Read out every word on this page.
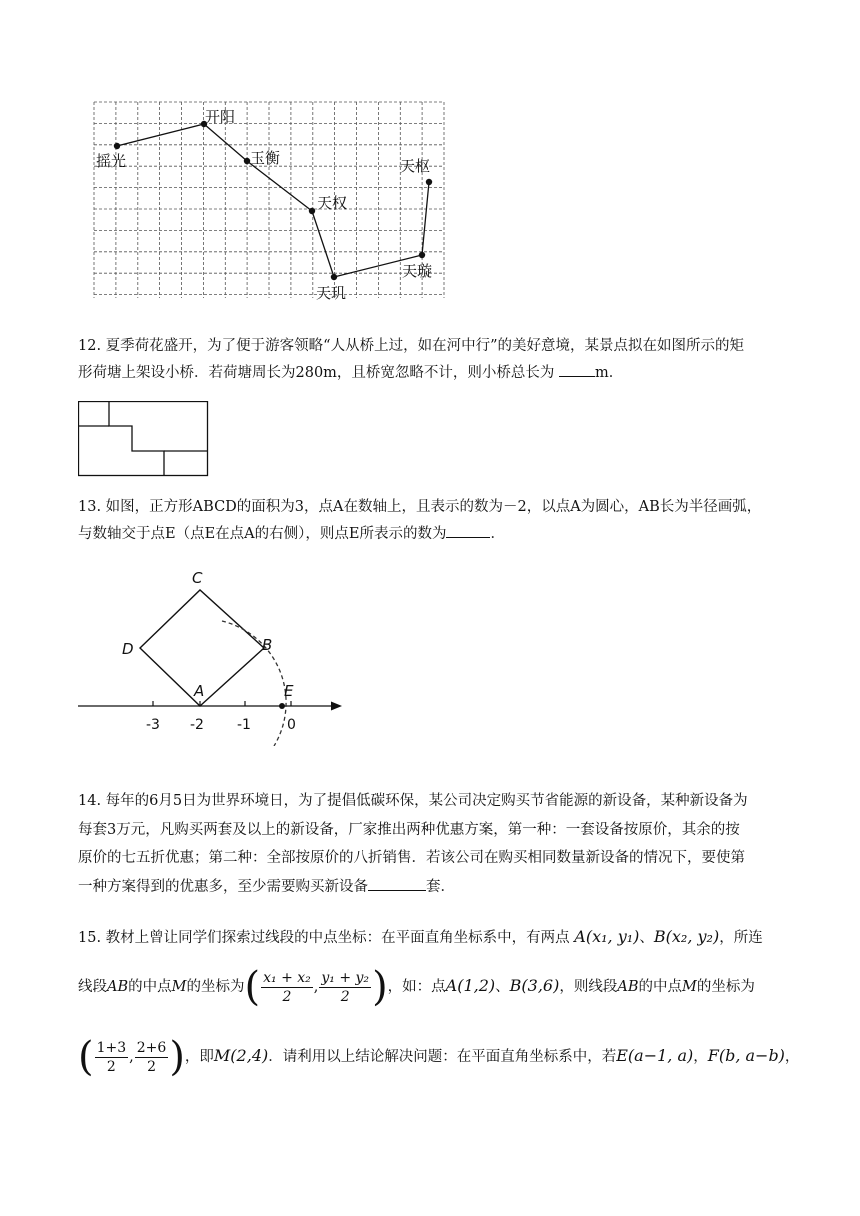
开阳
摇光	玉衡	天枢
天权
天璇
天玑
12. 夏季荷花盛开，为了便于游客领略“人从桥上过，如在河中行”的美好意境，某景点拟在如图所示的矩
形荷塘上架设小桥．若荷塘周长为280m，且桥宽忽略不计，则小桥总长为	m．
13. 如图，正方形ABCD的面积为3，点A在数轴上，且表示的数为－2，以点A为圆心，AB长为半径画弧，
与数轴交于点E（点E在点A的右侧），则点E所表示的数为	．
C
D	B
A	E
-3 -2 -1	0
14. 每年的6月5日为世界环境日，为了提倡低碳环保，某公司决定购买节省能源的新设备，某种新设备为
每套3万元，凡购买两套及以上的新设备，厂家推出两种优惠方案，第一种：一套设备按原价，其余的按
原价的七五折优惠；第二种：全部按原价的八折销售．若该公司在购买相同数量新设备的情况下，要使第
一种方案得到的优惠多，至少需要购买新设备	套．
15. 教材上曾让同学们探索过线段的中点坐标：在平面直角坐标系中，有两点 A(x₁, y₁)、B(x₂, y₂)，所连
线段AB的中点M的坐标为( $\frac{\text{x₁ + x₂}}{2}$ , $\frac{\text{y₁ + y₂}}{2}$ )，如：点A(1,2)、B(3,6)，则线段AB的中点M的坐标为
( $\frac{1+3}{2}$ , $\frac{2+6}{2}$ )，即M(2,4)．请利用以上结论解决问题：在平面直角坐标系中，若E(a−1, a)，F(b, a−b)，
